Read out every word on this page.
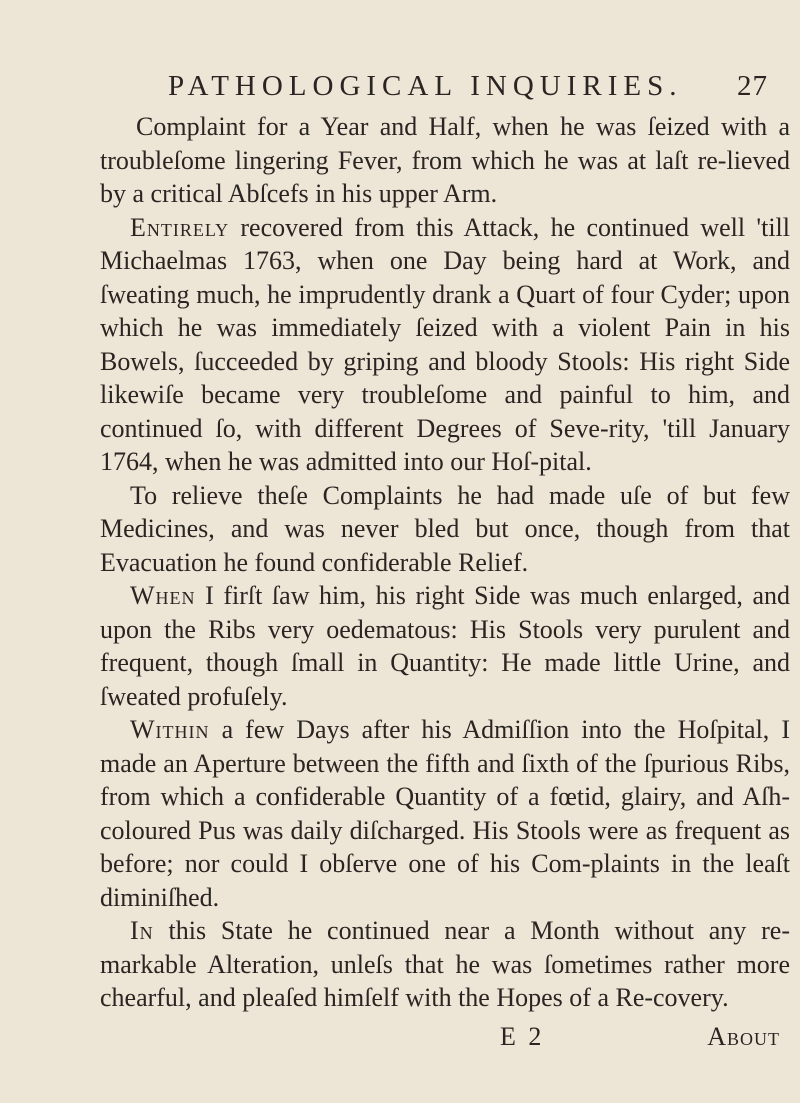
PATHOLOGICAL INQUIRIES. 27

Complaint for a Year and Half, when he was ſeized with a troubleſome lingering Fever, from which he was at laſt re-lieved by a critical Abſcefs in his upper Arm.

Entirely recovered from this Attack, he continued well 'till Michaelmas 1763, when one Day being hard at Work, and ſweating much, he imprudently drank a Quart of four Cyder; upon which he was immediately ſeized with a violent Pain in his Bowels, ſucceeded by griping and bloody Stools: His right Side likewiſe became very troubleſome and painful to him, and continued ſo, with different Degrees of Seve-rity, 'till January 1764, when he was admitted into our Hoſ-pital.

To relieve theſe Complaints he had made uſe of but few Medicines, and was never bled but once, though from that Evacuation he found confiderable Relief.

When I firſt ſaw him, his right Side was much enlarged, and upon the Ribs very oedematous: His Stools very purulent and frequent, though ſmall in Quantity: He made little Urine, and ſweated profuſely.

Within a few Days after his Admiſſion into the Hoſpital, I made an Aperture between the fifth and ſixth of the ſpurious Ribs, from which a confiderable Quantity of a fœtid, glairy, and Aſh-coloured Pus was daily diſcharged. His Stools were as frequent as before; nor could I obſerve one of his Com-plaints in the leaſt diminiſhed.

In this State he continued near a Month without any re-markable Alteration, unleſs that he was ſometimes rather more chearful, and pleaſed himſelf with the Hopes of a Re-covery.

E 2	About
